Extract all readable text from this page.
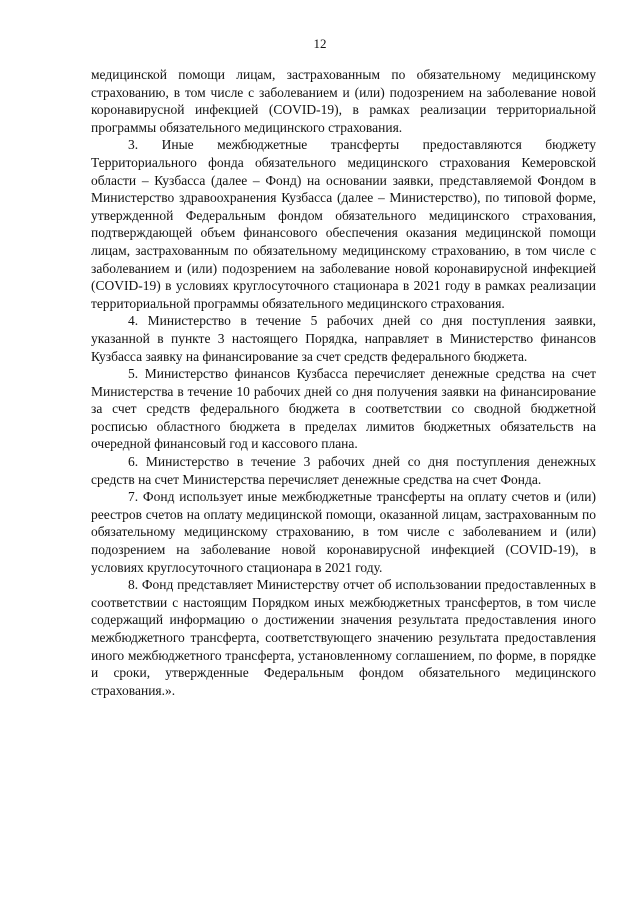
12

медицинской помощи лицам, застрахованным по обязательному медицинскому страхованию, в том числе с заболеванием и (или) подозрением на заболевание новой коронавирусной инфекцией (COVID-19), в рамках реализации территориальной программы обязательного медицинского страхования.

3. Иные межбюджетные трансферты предоставляются бюджету Территориального фонда обязательного медицинского страхования Кемеровской области – Кузбасса (далее – Фонд) на основании заявки, представляемой Фондом в Министерство здравоохранения Кузбасса (далее – Министерство), по типовой форме, утвержденной Федеральным фондом обязательного медицинского страхования, подтверждающей объем финансового обеспечения оказания медицинской помощи лицам, застрахованным по обязательному медицинскому страхованию, в том числе с заболеванием и (или) подозрением на заболевание новой коронавирусной инфекцией (COVID-19) в условиях круглосуточного стационара в 2021 году в рамках реализации территориальной программы обязательного медицинского страхования.

4. Министерство в течение 5 рабочих дней со дня поступления заявки, указанной в пункте 3 настоящего Порядка, направляет в Министерство финансов Кузбасса заявку на финансирование за счет средств федерального бюджета.

5. Министерство финансов Кузбасса перечисляет денежные средства на счет Министерства в течение 10 рабочих дней со дня получения заявки на финансирование за счет средств федерального бюджета в соответствии со сводной бюджетной росписью областного бюджета в пределах лимитов бюджетных обязательств на очередной финансовый год и кассового плана.

6. Министерство в течение 3 рабочих дней со дня поступления денежных средств на счет Министерства перечисляет денежные средства на счет Фонда.

7. Фонд использует иные межбюджетные трансферты на оплату счетов и (или) реестров счетов на оплату медицинской помощи, оказанной лицам, застрахованным по обязательному медицинскому страхованию, в том числе с заболеванием и (или) подозрением на заболевание новой коронавирусной инфекцией (COVID-19), в условиях круглосуточного стационара в 2021 году.

8. Фонд представляет Министерству отчет об использовании предоставленных в соответствии с настоящим Порядком иных межбюджетных трансфертов, в том числе содержащий информацию о достижении значения результата предоставления иного межбюджетного трансферта, соответствующего значению результата предоставления иного межбюджетного трансферта, установленному соглашением, по форме, в порядке и сроки, утвержденные Федеральным фондом обязательного медицинского страхования.».
